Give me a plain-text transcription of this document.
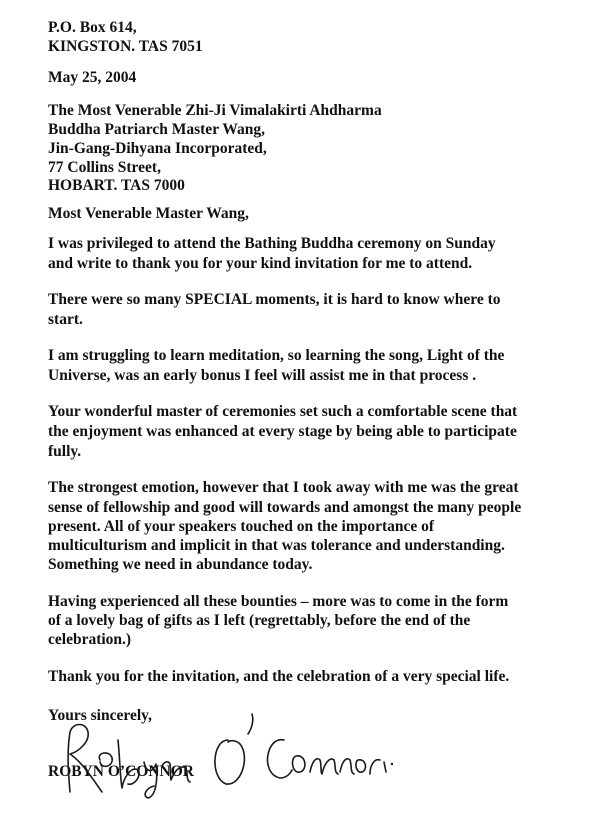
P.O. Box 614,
KINGSTON. TAS 7051
May 25, 2004
The Most Venerable Zhi-Ji Vimalakirti Ahdharma
Buddha Patriarch Master Wang,
Jin-Gang-Dihyana Incorporated,
77 Collins Street,
HOBART. TAS 7000
Most Venerable Master Wang,
I was privileged to attend the Bathing Buddha ceremony on Sunday
and write to thank you for your kind invitation for me to attend.
There were so many SPECIAL moments, it is hard to know where to
start.
I am struggling to learn meditation, so learning the song, Light of the
Universe, was an early bonus I feel will assist me in that process .
Your wonderful master of ceremonies set such a comfortable scene that
the enjoyment was enhanced at every stage by being able to participate
fully.
The strongest emotion, however that I took away with me was the great
sense of fellowship and good will towards and amongst the many people
present. All of your speakers touched on the importance of
multiculturism and implicit in that was tolerance and understanding.
Something we need in abundance today.
Having experienced all these bounties – more was to come in the form
of a lovely bag of gifts as I left (regrettably, before the end of the
celebration.)
Thank you for the invitation, and the celebration of a very special life.
Yours sincerely,
ROBYN O’CONNOR
